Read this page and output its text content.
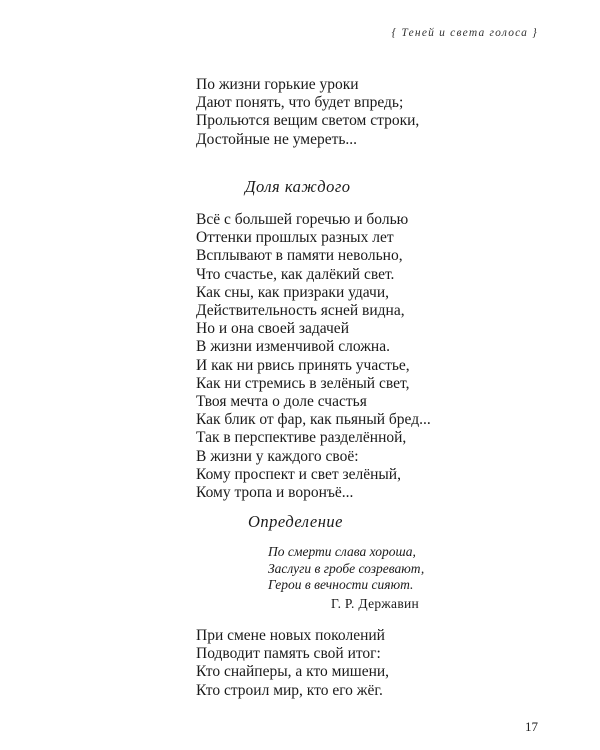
{ Теней и света голоса }
По жизни горькие уроки
Дают понять, что будет впредь;
Прольются вещим светом строки,
Достойные не умереть...
Доля каждого
Всё с большей горечью и болью
Оттенки прошлых разных лет
Всплывают в памяти невольно,
Что счастье, как далёкий свет.
Как сны, как призраки удачи,
Действительность ясней видна,
Но и она своей задачей
В жизни изменчивой сложна.
И как ни рвись принять участье,
Как ни стремись в зелёный свет,
Твоя мечта о доле счастья
Как блик от фар, как пьяный бред...
Так в перспективе разделённой,
В жизни у каждого своё:
Кому проспект и свет зелёный,
Кому тропа и воронъё...
Определение
По смерти слава хороша,
Заслуги в гробе созревают,
Герои в вечности сияют.
Г. Р. Державин
При смене новых поколений
Подводит память свой итог:
Кто снайперы, а кто мишени,
Кто строил мир, кто его жёг.
17
